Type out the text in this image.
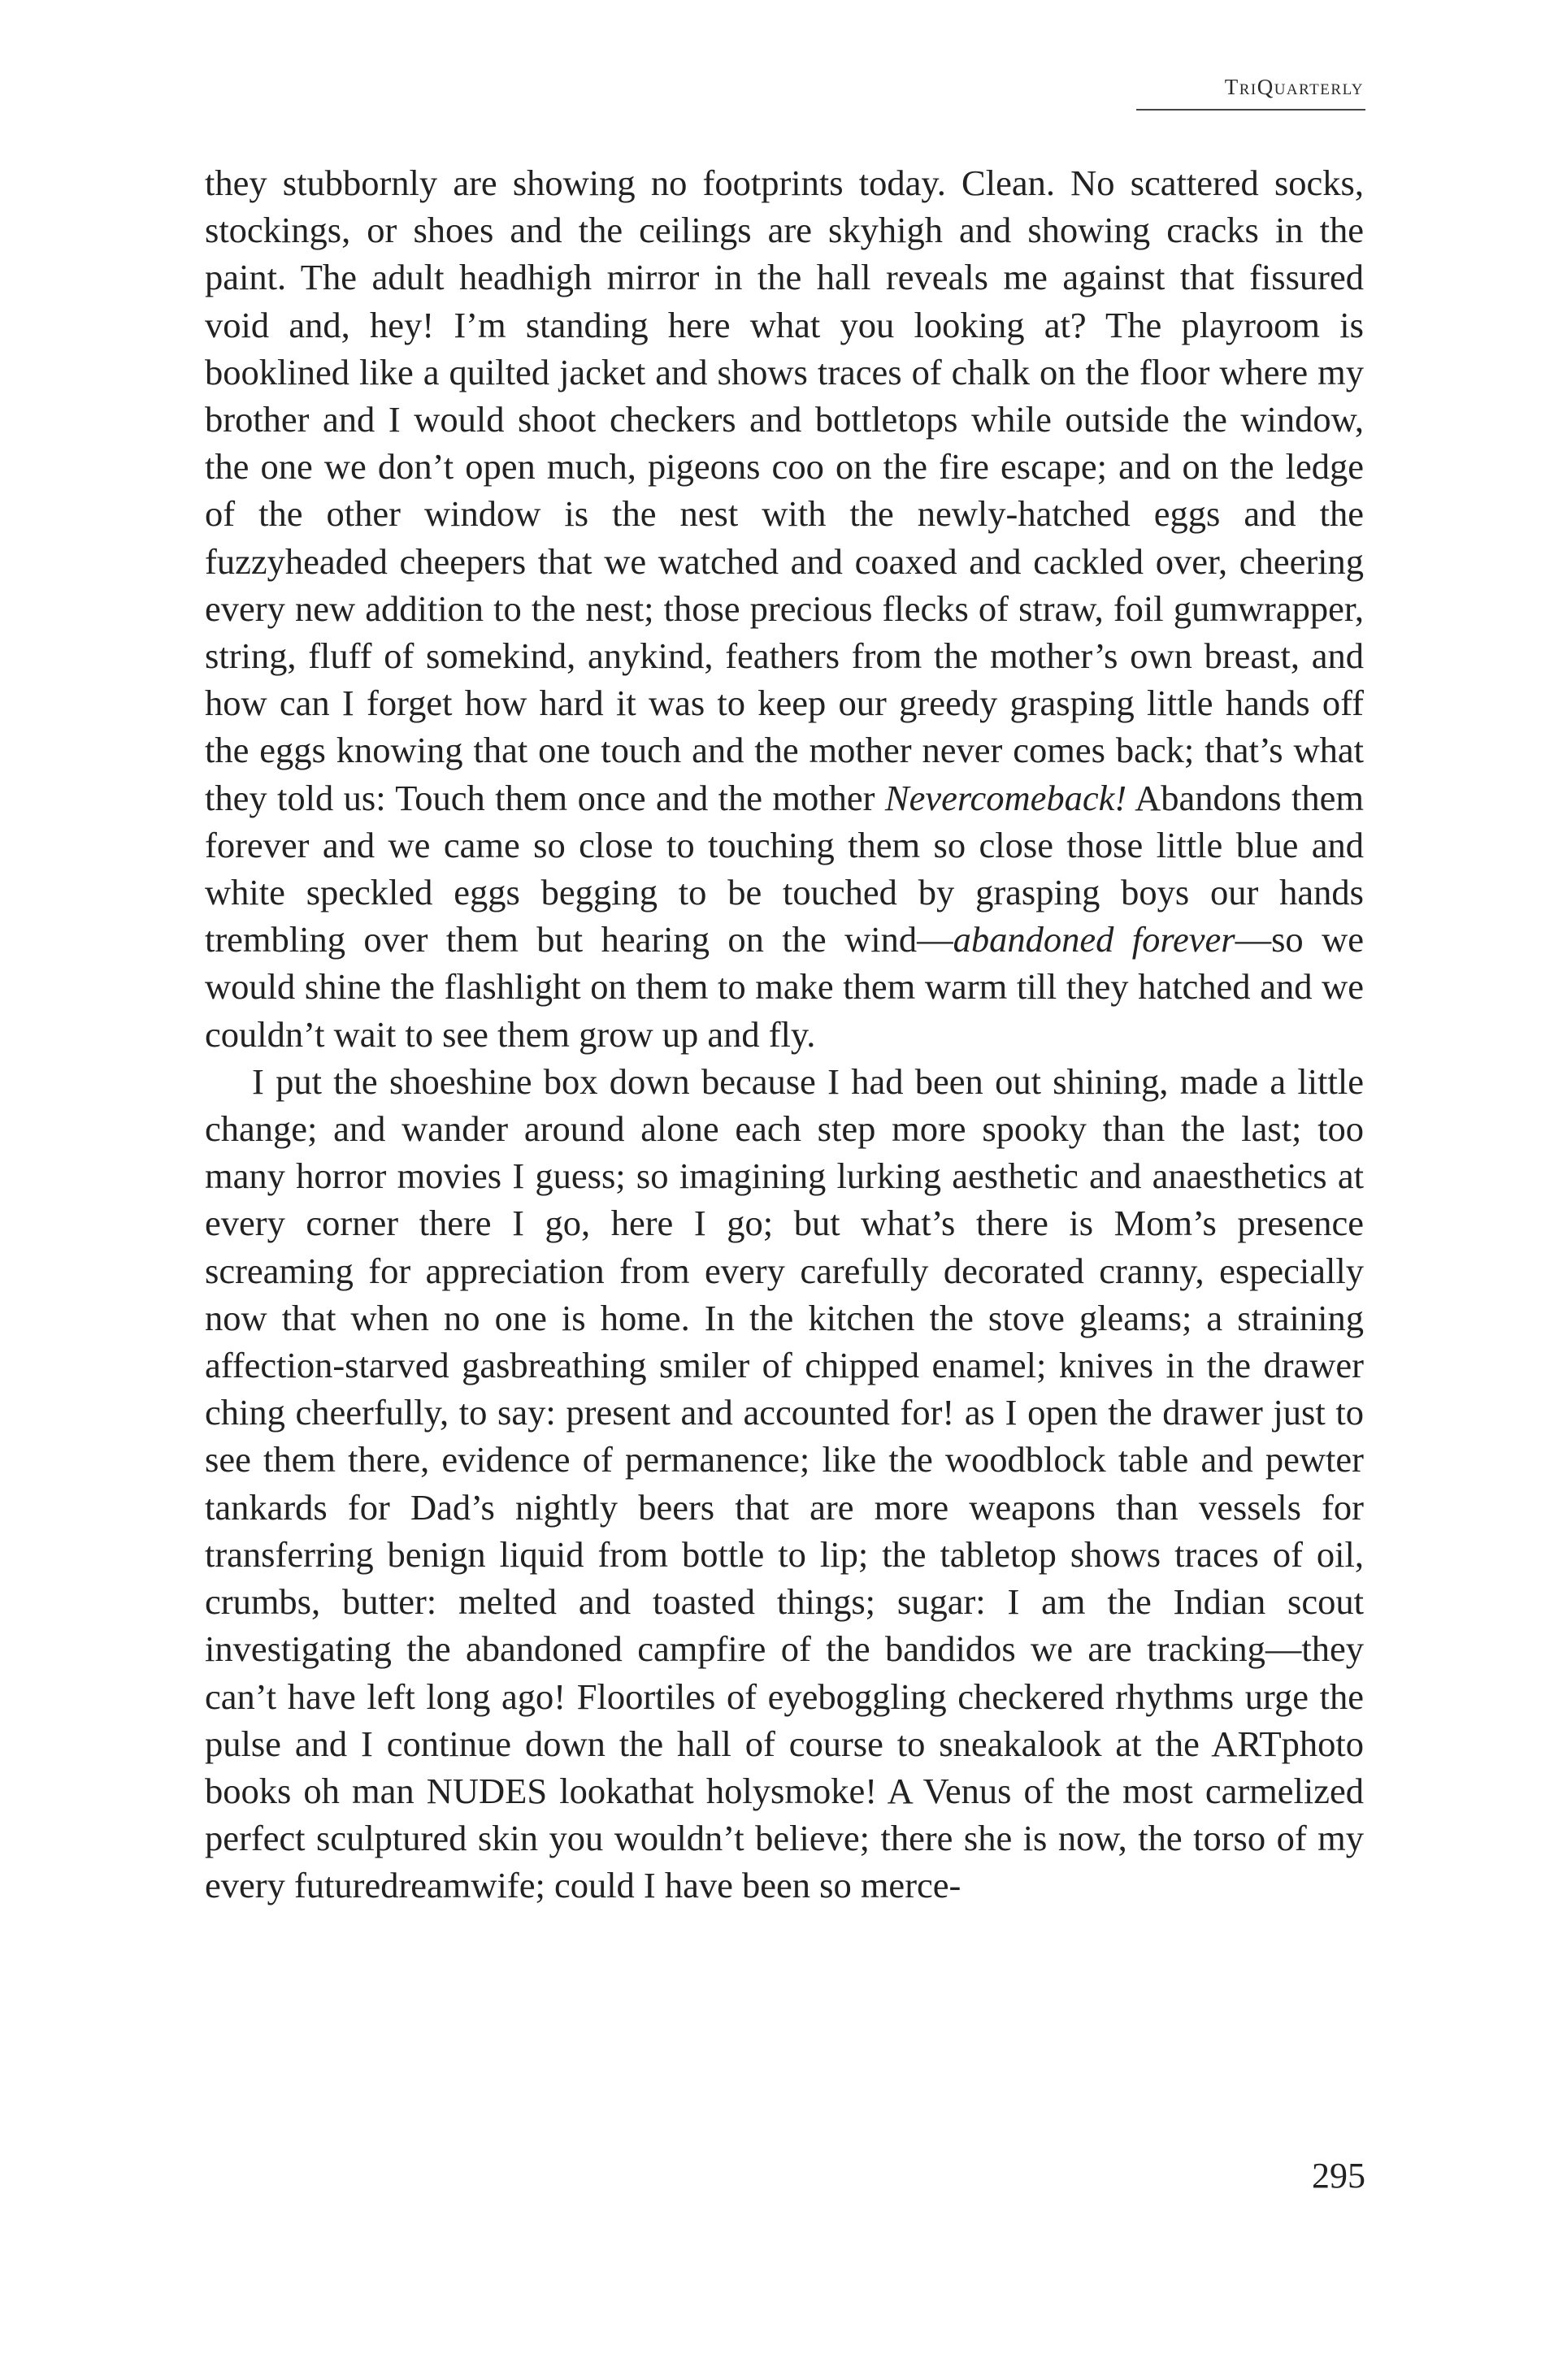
TriQuarterly

they stubbornly are showing no footprints today. Clean. No scattered socks, stockings, or shoes and the ceilings are skyhigh and showing cracks in the paint. The adult headhigh mirror in the hall reveals me against that fissured void and, hey! I’m standing here what you looking at? The playroom is booklined like a quilted jacket and shows traces of chalk on the floor where my brother and I would shoot checkers and bottletops while outside the window, the one we don’t open much, pigeons coo on the fire escape; and on the ledge of the other window is the nest with the newly-hatched eggs and the fuzzyheaded cheepers that we watched and coaxed and cackled over, cheering every new addition to the nest; those precious flecks of straw, foil gumwrapper, string, fluff of somekind, anykind, feathers from the mother’s own breast, and how can I forget how hard it was to keep our greedy grasping little hands off the eggs knowing that one touch and the mother never comes back; that’s what they told us: Touch them once and the mother Nevercomeback! Abandons them forever and we came so close to touching them so close those little blue and white speckled eggs begging to be touched by grasping boys our hands trembling over them but hearing on the wind—abandoned forever—so we would shine the flashlight on them to make them warm till they hatched and we couldn’t wait to see them grow up and fly.

I put the shoeshine box down because I had been out shining, made a little change; and wander around alone each step more spooky than the last; too many horror movies I guess; so imagining lurking aesthetic and anaesthetics at every corner there I go, here I go; but what’s there is Mom’s presence screaming for appreciation from every carefully decorated cranny, especially now that when no one is home. In the kitchen the stove gleams; a straining affection-starved gasbreathing smiler of chipped enamel; knives in the drawer ching cheerfully, to say: present and accounted for! as I open the drawer just to see them there, evidence of permanence; like the woodblock table and pewter tankards for Dad’s nightly beers that are more weapons than vessels for transferring benign liquid from bottle to lip; the tabletop shows traces of oil, crumbs, butter: melted and toasted things; sugar: I am the Indian scout investigating the abandoned campfire of the bandidos we are tracking—they can’t have left long ago! Floortiles of eyeboggling checkered rhythms urge the pulse and I continue down the hall of course to sneakalook at the ARTphoto books oh man NUDES lookathat holysmoke! A Venus of the most carmelized perfect sculptured skin you wouldn’t believe; there she is now, the torso of my every futuredreamwife; could I have been so merce-

295
